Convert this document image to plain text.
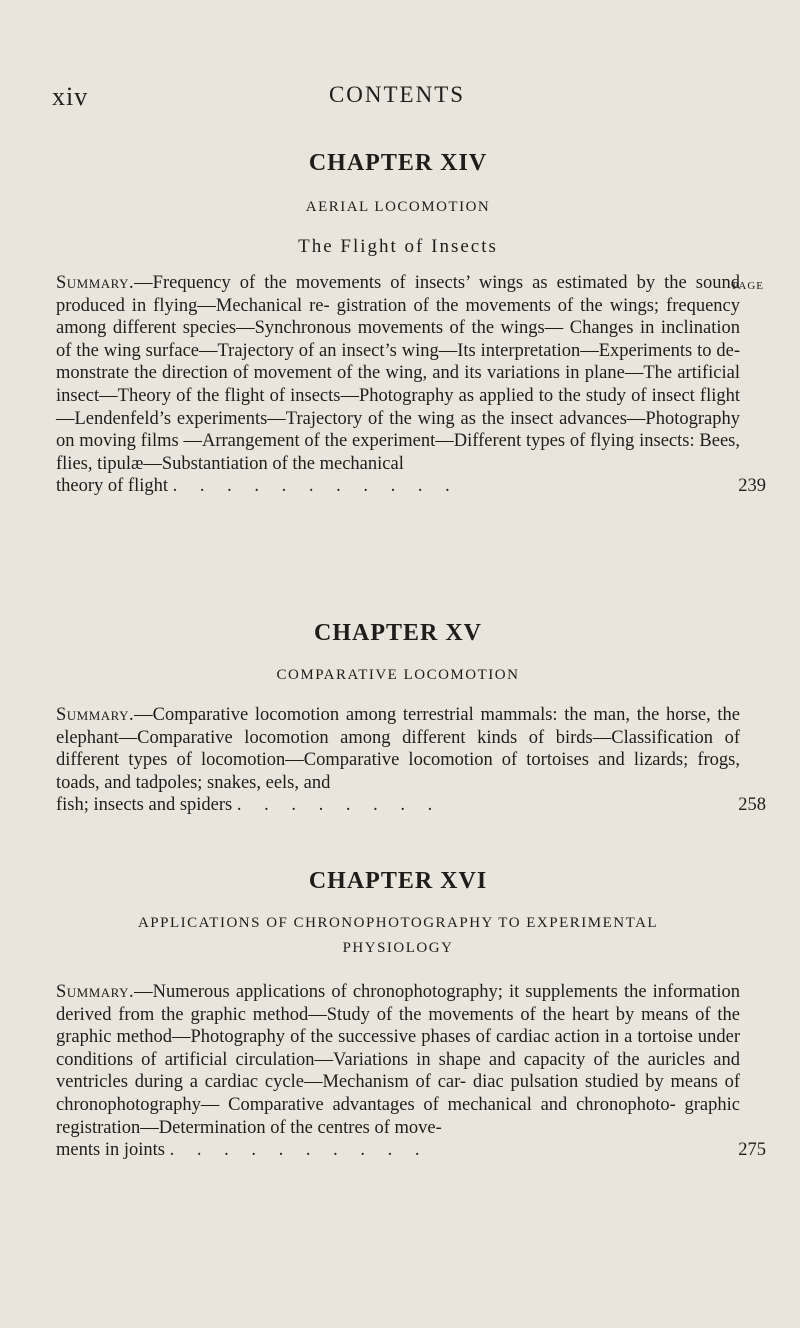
xiv	CONTENTS
CHAPTER XIV

AERIAL LOCOMOTION

The Flight of Insects

PAGE

Summary.—Frequency of the movements of insects’ wings as estimated by the sound produced in flying—Mechanical re- gistration of the movements of the wings; frequency among different species—Synchronous movements of the wings— Changes in inclination of the wing surface—Trajectory of an insect’s wing—Its interpretation—Experiments to de- monstrate the direction of movement of the wing, and its variations in plane—The artificial insect—Theory of the flight of insects—Photography as applied to the study of insect flight—Lendenfeld’s experiments—Trajectory of the wing as the insect advances—Photography on moving films —Arrangement of the experiment—Different types of flying insects: Bees, flies, tipulæ—Substantiation of the mechanical
theory of flight . . . . . . . . . . .	239

CHAPTER XV

COMPARATIVE LOCOMOTION

Summary.—Comparative locomotion among terrestrial mammals: the man, the horse, the elephant—Comparative locomotion among different kinds of birds—Classification of different types of locomotion—Comparative locomotion of tortoises and lizards; frogs, toads, and tadpoles; snakes, eels, and
fish; insects and spiders . . . . . . . .	258

CHAPTER XVI

APPLICATIONS OF CHRONOPHOTOGRAPHY TO EXPERIMENTAL

PHYSIOLOGY

Summary.—Numerous applications of chronophotography; it supplements the information derived from the graphic method—Study of the movements of the heart by means of the graphic method—Photography of the successive phases of cardiac action in a tortoise under conditions of artificial circulation—Variations in shape and capacity of the auricles and ventricles during a cardiac cycle—Mechanism of car- diac pulsation studied by means of chronophotography— Comparative advantages of mechanical and chronophoto- graphic registration—Determination of the centres of move-
ments in joints . . . . . . . . . .	275
